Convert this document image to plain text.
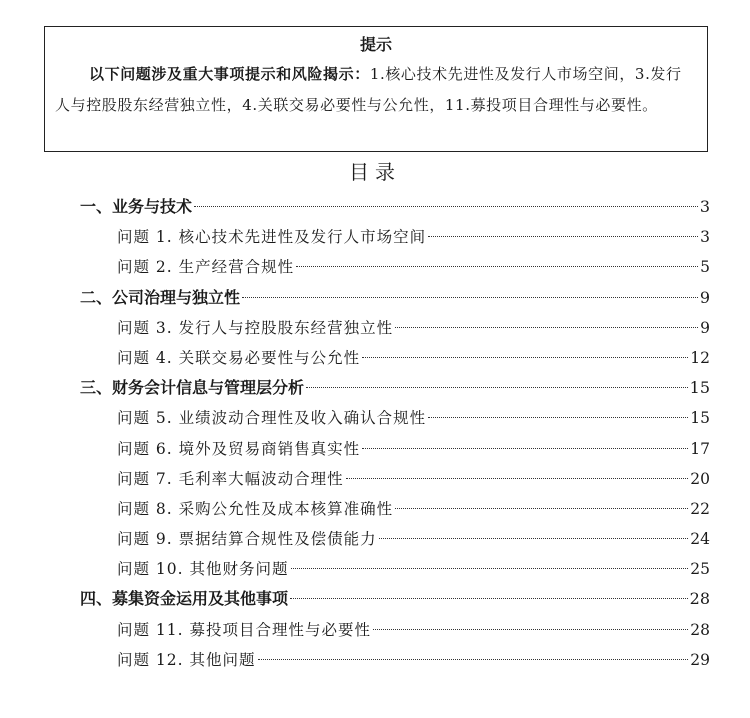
提示

以下问题涉及重大事项提示和风险揭示：1.核心技术先进性及发行人市场空间，3.发行人与控股股东经营独立性，4.关联交易必要性与公允性，11.募投项目合理性与必要性。

目录
一、业务与技术	3
问题 1. 核心技术先进性及发行人市场空间	3
问题 2. 生产经营合规性	5
二、公司治理与独立性	9
问题 3. 发行人与控股股东经营独立性	9
问题 4. 关联交易必要性与公允性	12
三、财务会计信息与管理层分析	15
问题 5. 业绩波动合理性及收入确认合规性	15
问题 6. 境外及贸易商销售真实性	17
问题 7. 毛利率大幅波动合理性	20
问题 8. 采购公允性及成本核算准确性	22
问题 9. 票据结算合规性及偿债能力	24
问题 10. 其他财务问题	25
四、募集资金运用及其他事项	28
问题 11. 募投项目合理性与必要性	28
问题 12. 其他问题	29
